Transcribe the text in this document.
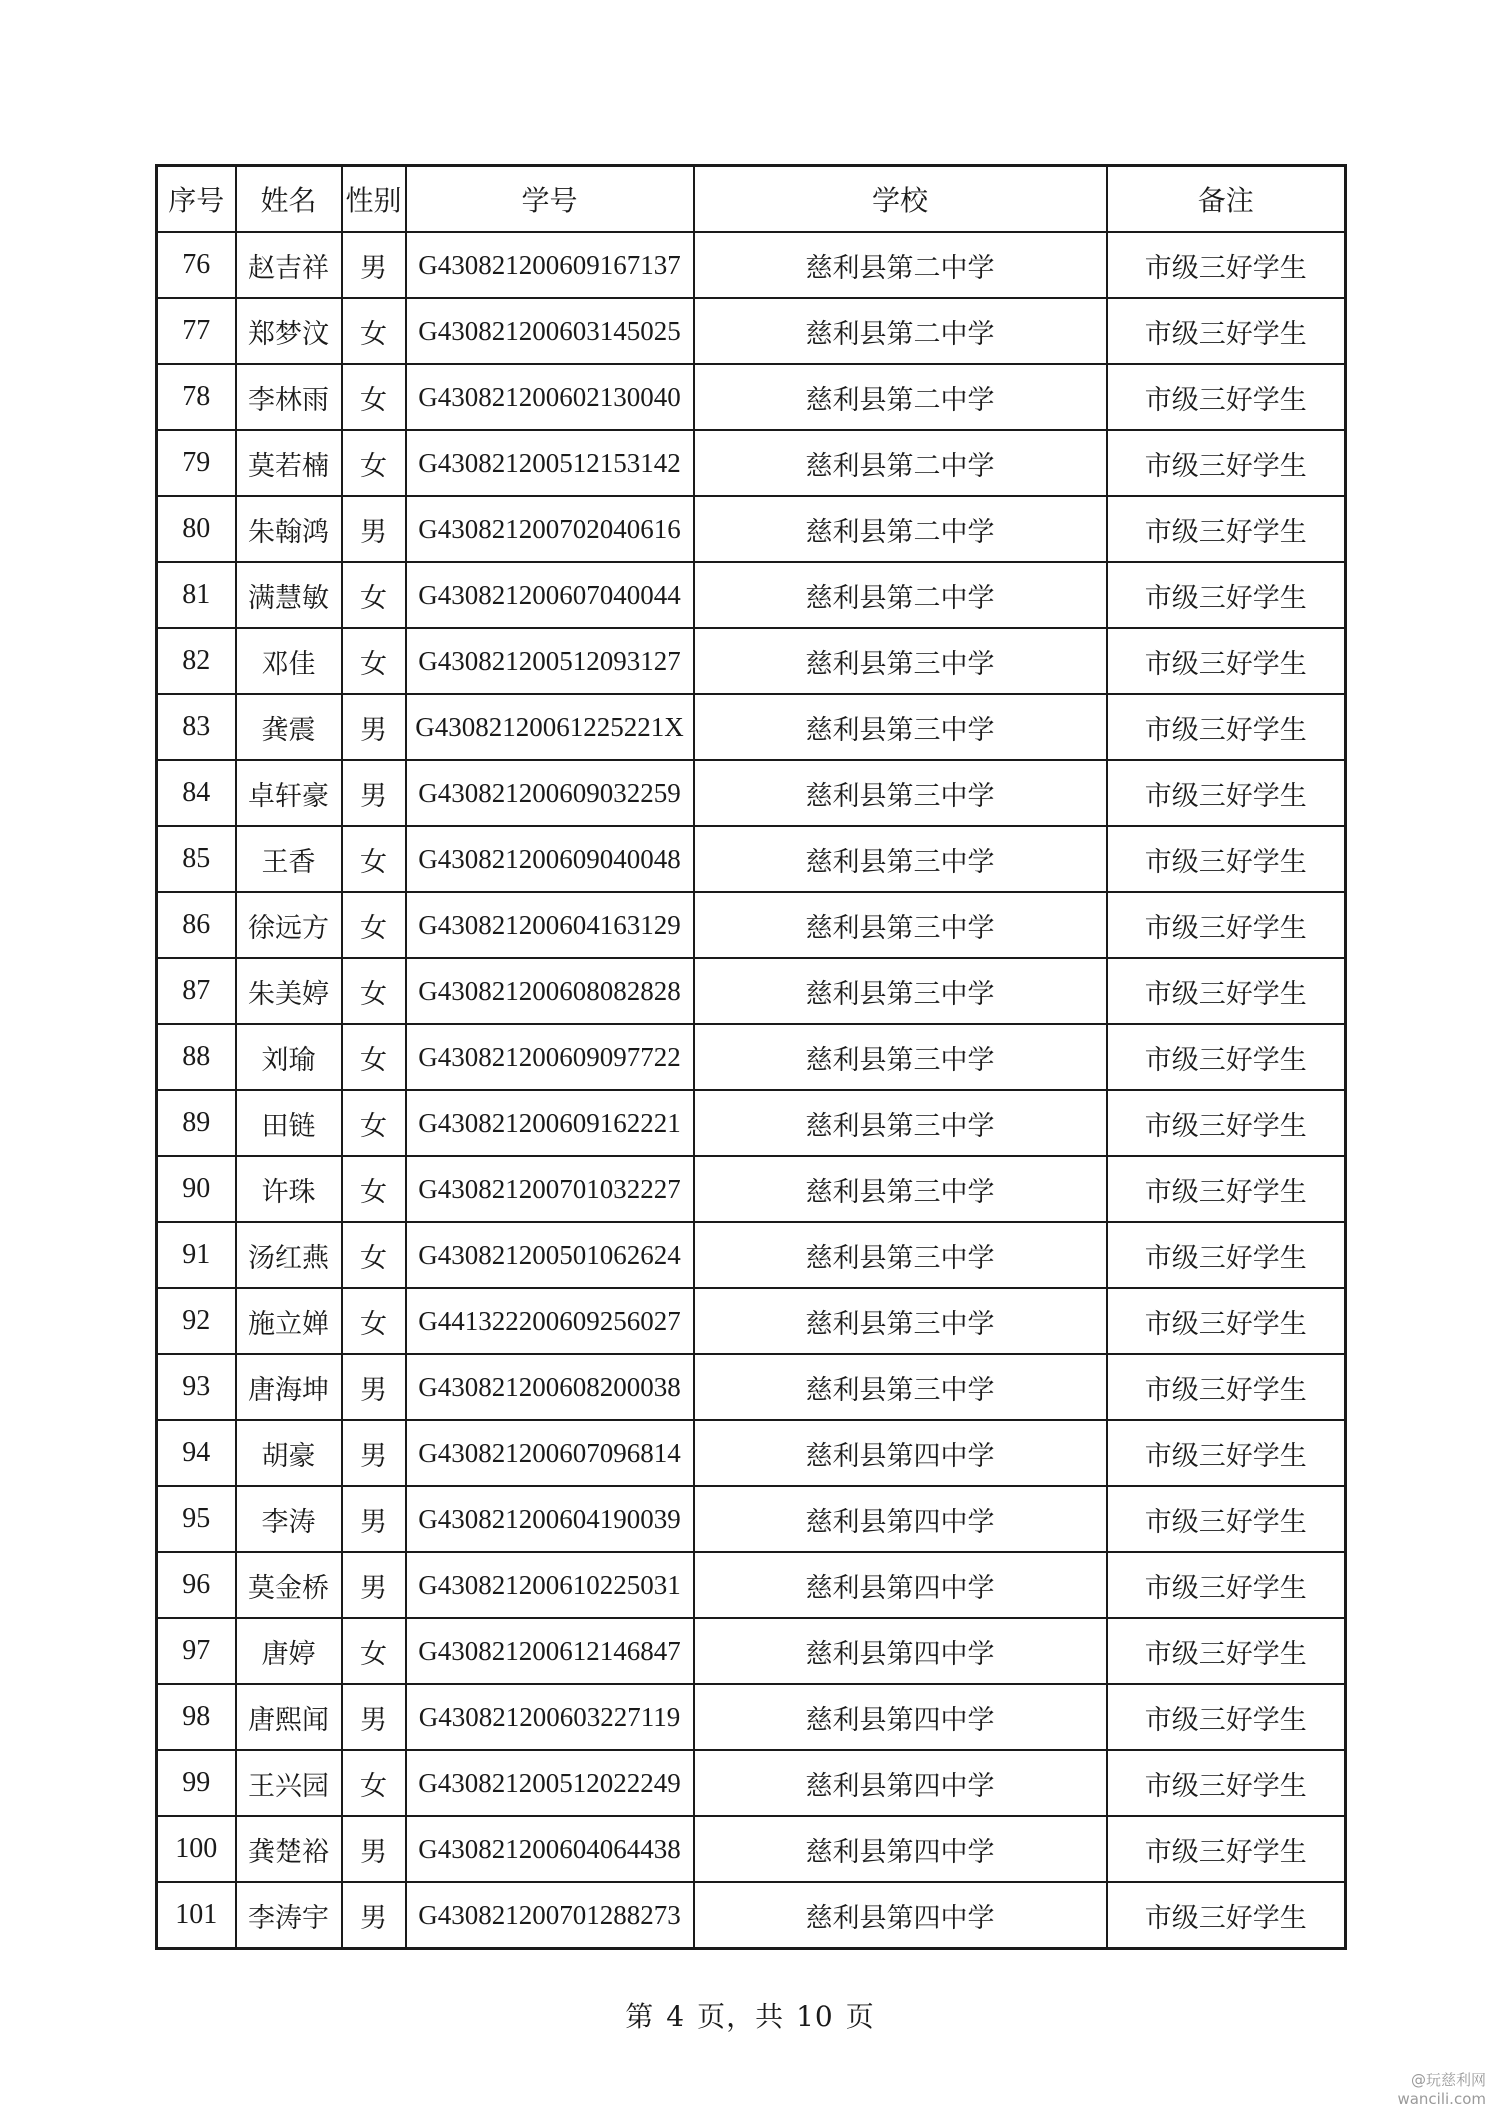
序号	姓名	性别	学号	学校	备注
76	赵吉祥	男	G430821200609167137	慈利县第二中学	市级三好学生
77	郑梦汶	女	G430821200603145025	慈利县第二中学	市级三好学生
78	李林雨	女	G430821200602130040	慈利县第二中学	市级三好学生
79	莫若楠	女	G430821200512153142	慈利县第二中学	市级三好学生
80	朱翰鸿	男	G430821200702040616	慈利县第二中学	市级三好学生
81	满慧敏	女	G430821200607040044	慈利县第二中学	市级三好学生
82	邓佳	女	G430821200512093127	慈利县第三中学	市级三好学生
83	龚震	男	G43082120061225221X	慈利县第三中学	市级三好学生
84	卓轩豪	男	G430821200609032259	慈利县第三中学	市级三好学生
85	王香	女	G430821200609040048	慈利县第三中学	市级三好学生
86	徐远方	女	G430821200604163129	慈利县第三中学	市级三好学生
87	朱美婷	女	G430821200608082828	慈利县第三中学	市级三好学生
88	刘瑜	女	G430821200609097722	慈利县第三中学	市级三好学生
89	田链	女	G430821200609162221	慈利县第三中学	市级三好学生
90	许珠	女	G430821200701032227	慈利县第三中学	市级三好学生
91	汤红燕	女	G430821200501062624	慈利县第三中学	市级三好学生
92	施立婵	女	G441322200609256027	慈利县第三中学	市级三好学生
93	唐海坤	男	G430821200608200038	慈利县第三中学	市级三好学生
94	胡豪	男	G430821200607096814	慈利县第四中学	市级三好学生
95	李涛	男	G430821200604190039	慈利县第四中学	市级三好学生
96	莫金桥	男	G430821200610225031	慈利县第四中学	市级三好学生
97	唐婷	女	G430821200612146847	慈利县第四中学	市级三好学生
98	唐熙闻	男	G430821200603227119	慈利县第四中学	市级三好学生
99	王兴园	女	G430821200512022249	慈利县第四中学	市级三好学生
100	龚楚裕	男	G430821200604064438	慈利县第四中学	市级三好学生
101	李涛宇	男	G430821200701288273	慈利县第四中学	市级三好学生
第 4 页，共 10 页
@玩慈利网
wancili.com
